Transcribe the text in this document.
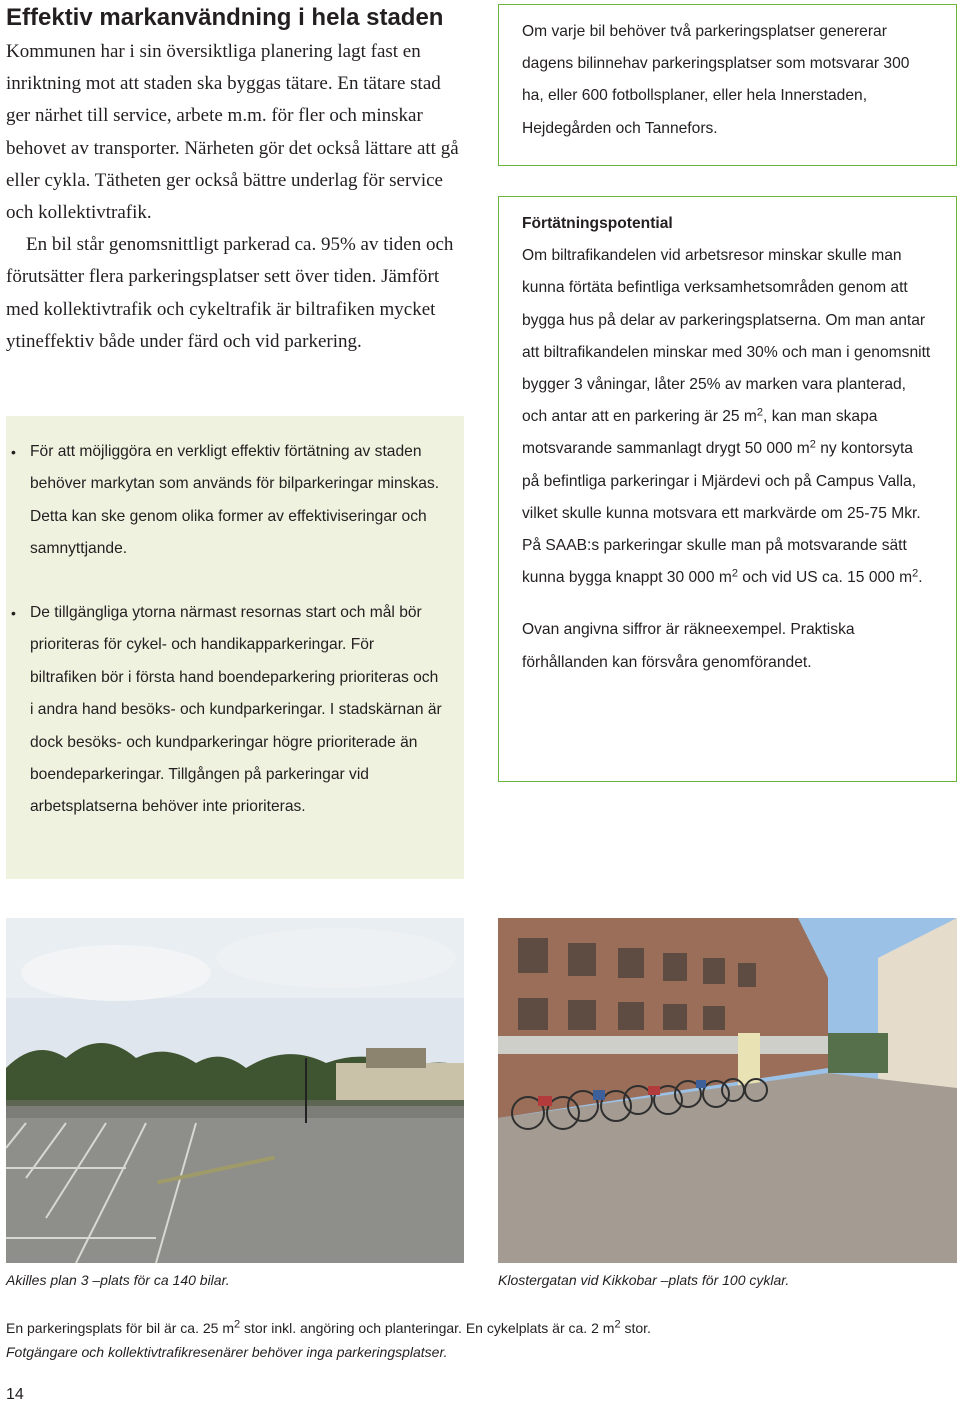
Effektiv markanvändning i hela staden

Kommunen har i sin översiktliga planering lagt fast en inriktning mot att staden ska byggas tätare. En tätare stad ger närhet till service, arbete m.m. för fler och minskar behovet av transporter. Närheten gör det också lättare att gå eller cykla. Tätheten ger också bättre underlag för service och kollektivtrafik.

En bil står genomsnittligt parkerad ca. 95% av tiden och förutsätter flera parkeringsplatser sett över tiden. Jämfört med kollektivtrafik och cykeltrafik är biltrafiken mycket ytineffektiv både under färd och vid parkering.

• För att möjliggöra en verkligt effektiv förtätning av staden behöver markytan som används för bilparkeringar minskas. Detta kan ske genom olika former av effektiviseringar och samnyttjande.
• De tillgängliga ytorna närmast resornas start och mål bör prioriteras för cykel- och handikapparkeringar. För biltrafiken bör i första hand boendeparkering prioriteras och i andra hand besöks- och kundparkeringar. I stadskärnan är dock besöks- och kundparkeringar högre prioriterade än boendeparkeringar. Tillgången på parkeringar vid arbetsplatserna behöver inte prioriteras.

Om varje bil behöver två parkeringsplatser genererar dagens bilinnehav parkeringsplatser som motsvarar 300 ha, eller 600 fotbollsplaner, eller hela Innerstaden, Hejdegården och Tannefors.

Förtätningspotential

Om biltrafikandelen vid arbetsresor minskar skulle man kunna förtäta befintliga verksamhetsområden genom att bygga hus på delar av parkeringsplatserna. Om man antar att biltrafikandelen minskar med 30% och man i genomsnitt bygger 3 våningar, låter 25% av marken vara planterad, och antar att en parkering är 25 $m^2$, kan man skapa motsvarande sammanlagt drygt 50 000 $m^2$ ny kontorsyta på befintliga parkeringar i Mjärdevi och på Campus Valla, vilket skulle kunna motsvara ett markvärde om 25-75 Mkr. På SAAB:s parkeringar skulle man på motsvarande sätt kunna bygga knappt 30 000 $m^2$ och vid US ca. 15 000 $m^2$.

Ovan angivna siffror är räkneexempel. Praktiska förhållanden kan försvåra genomförandet.

Akilles plan 3 –plats för ca 140 bilar.	Klostergatan vid Kikkobar –plats för 100 cyklar.

En parkeringsplats för bil är ca. 25 $m^2$ stor inkl. angöring och planteringar. En cykelplats är ca. 2 $m^2$ stor.

Fotgängare och kollektivtrafikresenärer behöver inga parkeringsplatser.

14
